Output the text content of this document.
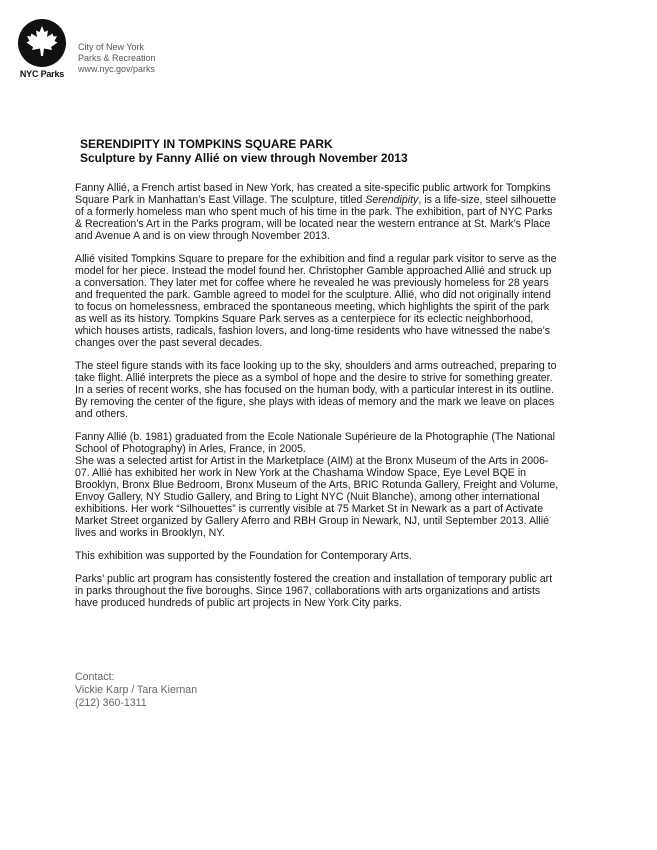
NYC Parks
City of New York
Parks & Recreation
www.nyc.gov/parks
SERENDIPITY IN TOMPKINS SQUARE PARK
Sculpture by Fanny Allié on view through November 2013

Fanny Allié, a French artist based in New York, has created a site-specific public artwork for Tompkins
Square Park in Manhattan’s East Village. The sculpture, titled Serendipity, is a life-size, steel silhouette
of a formerly homeless man who spent much of his time in the park. The exhibition, part of NYC Parks
& Recreation’s Art in the Parks program, will be located near the western entrance at St. Mark’s Place
and Avenue A and is on view through November 2013.

Allié visited Tompkins Square to prepare for the exhibition and find a regular park visitor to serve as the
model for her piece. Instead the model found her. Christopher Gamble approached Allié and struck up
a conversation. They later met for coffee where he revealed he was previously homeless for 28 years
and frequented the park. Gamble agreed to model for the sculpture. Allié, who did not originally intend
to focus on homelessness, embraced the spontaneous meeting, which highlights the spirit of the park
as well as its history. Tompkins Square Park serves as a centerpiece for its eclectic neighborhood,
which houses artists, radicals, fashion lovers, and long-time residents who have witnessed the nabe’s
changes over the past several decades.

The steel figure stands with its face looking up to the sky, shoulders and arms outreached, preparing to
take flight. Allié interprets the piece as a symbol of hope and the desire to strive for something greater.
In a series of recent works, she has focused on the human body, with a particular interest in its outline.
By removing the center of the figure, she plays with ideas of memory and the mark we leave on places
and others.

Fanny Allié (b. 1981) graduated from the Ecole Nationale Supérieure de la Photographie (The National
School of Photography) in Arles, France, in 2005.

She was a selected artist for Artist in the Marketplace (AIM) at the Bronx Museum of the Arts in 2006-
07. Allié has exhibited her work in New York at the Chashama Window Space, Eye Level BQE in
Brooklyn, Bronx Blue Bedroom, Bronx Museum of the Arts, BRIC Rotunda Gallery, Freight and Volume,
Envoy Gallery, NY Studio Gallery, and Bring to Light NYC (Nuit Blanche), among other international
exhibitions. Her work “Silhouettes” is currently visible at 75 Market St in Newark as a part of Activate
Market Street organized by Gallery Aferro and RBH Group in Newark, NJ, until September 2013. Allié
lives and works in Brooklyn, NY.

This exhibition was supported by the Foundation for Contemporary Arts.

Parks’ public art program has consistently fostered the creation and installation of temporary public art
in parks throughout the five boroughs. Since 1967, collaborations with arts organizations and artists
have produced hundreds of public art projects in New York City parks.

Contact:
Vickie Karp / Tara Kiernan
(212) 360-1311
